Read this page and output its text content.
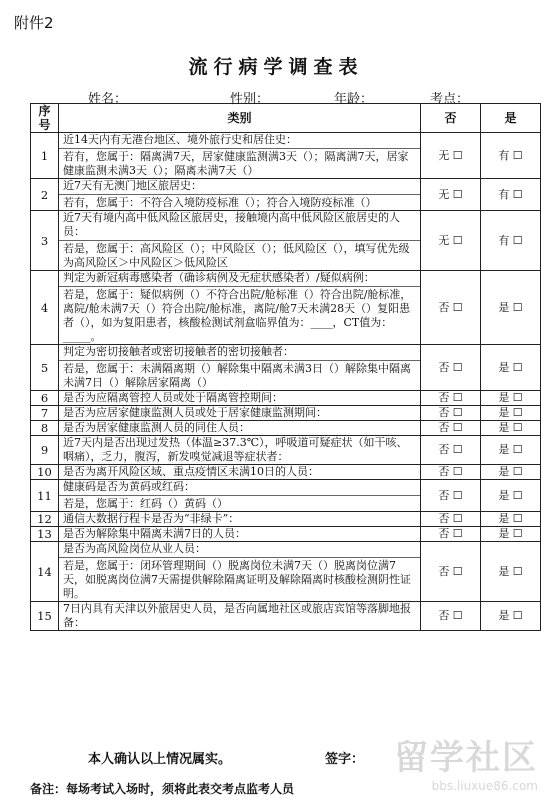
附件2
流行病学调查表
姓名：	性别：	年龄：	考点：
序号	类别	否	是
1	近14天内有无港台地区、境外旅行史和居住史：
若有，您属于：隔离满7天，居家健康监测满3天（）；隔离满7天，居家健康监测未满3天（）；隔离未满7天（）	无 ☐	有 ☐
2	近7天有无澳门地区旅居史：
若有，您属于：不符合入境防疫标准（）；符合入境防疫标准（）	无 ☐	有 ☐
3	近7天有境内高中低风险区旅居史，接触境内高中低风险区旅居史的人员：
若是，您属于：高风险区（）；中风险区（）；低风险区（），填写优先级为高风险区＞中风险区＞低风险区	无 ☐	有 ☐
4	判定为新冠病毒感染者（确诊病例及无症状感染者）/疑似病例：
若是，您属于：疑似病例（）不符合出院/舱标准（）符合出院/舱标准，离院/舱未满7天（）符合出院/舱标准，离院/舱7天未满28天（）复阳患者（），如为复阳患者，核酸检测试剂盒临界值为：____，CT值为：_____。	否 ☐	是 ☐
5	判定为密切接触者或密切接触者的密切接触者：
若是，您属于：未满隔离期（）解除集中隔离未满3日（）解除集中隔离未满7日（）解除居家隔离（）	否 ☐	是 ☐
6	是否为应隔离管控人员或处于隔离管控期间：	否 ☐	是 ☐
7	是否为应居家健康监测人员或处于居家健康监测期间：	否 ☐	是 ☐
8	是否为居家健康监测人员的同住人员：	否 ☐	是 ☐
9	近7天内是否出现过发热（体温≥37.3℃），呼吸道可疑症状（如干咳、咽痛），乏力，腹泻，新发嗅觉减退等症状者：	否 ☐	是 ☐
10	是否为离开风险区域、重点疫情区未满10日的人员：	否 ☐	是 ☐
11	健康码是否为黄码或红码：
若是，您属于：红码（）黄码（）	否 ☐	是 ☐
12	通信大数据行程卡是否为“非绿卡”：	否 ☐	是 ☐
13	是否为解除集中隔离未满7日的人员：	否 ☐	是 ☐
14	是否为高风险岗位从业人员：
若是，您属于：闭环管理期间（）脱离岗位未满7天（）脱离岗位满7天，如脱离岗位满7天需提供解除隔离证明及解除隔离时核酸检测阴性证明。	否 ☐	是 ☐
15	7日内具有天津以外旅居史人员，是否向属地社区或旅店宾馆等落脚地报备：	否 ☐	是 ☐
本人确认以上情况属实。	签字：
备注：每场考试入场时，须将此表交考点监考人员
留学社区
bbs.liuxue86.com
